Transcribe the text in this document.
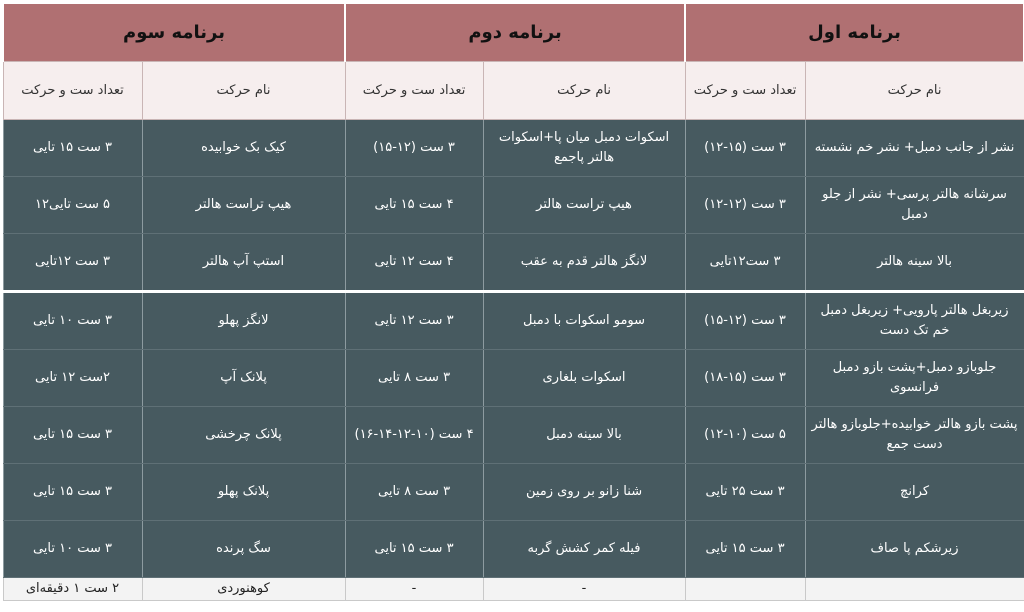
برنامه اول		برنامه دوم		برنامه سوم	
نام حرکت	تعداد ست و حرکت	نام حرکت	تعداد ست و حرکت	نام حرکت	تعداد ست و حرکت
نشر از جانب دمبل+ نشر خم نشسته	۳ ست (۱۵-۱۲)	اسکوات دمبل میان پا+اسکوات هالتر پاجمع	۳ ست (۱۲-۱۵)	کیک بک خوابیده	۳ ست ۱۵ تایی
سرشانه هالتر پرسی+ نشر از جلو دمبل	۳ ست (۱۲-۱۲)	هیپ تراست هالتر	۴ ست ۱۵ تایی	هیپ تراست هالتر	۵ ست تایی۱۲
بالا سینه هالتر	۳ ست۱۲تایی	لانگز هالتر قدم به عقب	۴ ست ۱۲ تایی	استپ آپ هالتر	۳ ست ۱۲تایی
زیربغل هالتر پارویی+ زیربغل دمبل خم تک دست	۳ ست (۱۲-۱۵)	سومو اسکوات با دمبل	۳ ست ۱۲ تایی	لانگز پهلو	۳ ست ۱۰ تایی
جلوبازو دمبل+پشت بازو دمبل فرانسوی	۳ ست (۱۵-۱۸)	اسکوات بلغاری	۳ ست ۸ تایی	پلانک آپ	۲ست ۱۲ تایی
پشت بازو هالتر خوابیده+جلوبازو هالتر دست جمع	۵ ست (۱۰-۱۲)	بالا سینه دمبل	۴ ست (۱۰-۱۲-۱۴-۱۶)	پلانک چرخشی	۳ ست ۱۵ تایی
کرانچ	۳ ست ۲۵ تایی	شنا زانو بر روی زمین	۳ ست ۸ تایی	پلانک پهلو	۳ ست ۱۵ تایی
زیرشکم پا صاف	۳ ست ۱۵ تایی	فیله کمر کشش گربه	۳ ست ۱۵ تایی	سگ پرنده	۳ ست ۱۰ تایی
		-	-	کوهنوردی	۲ ست ۱ دقیقه‌ای
